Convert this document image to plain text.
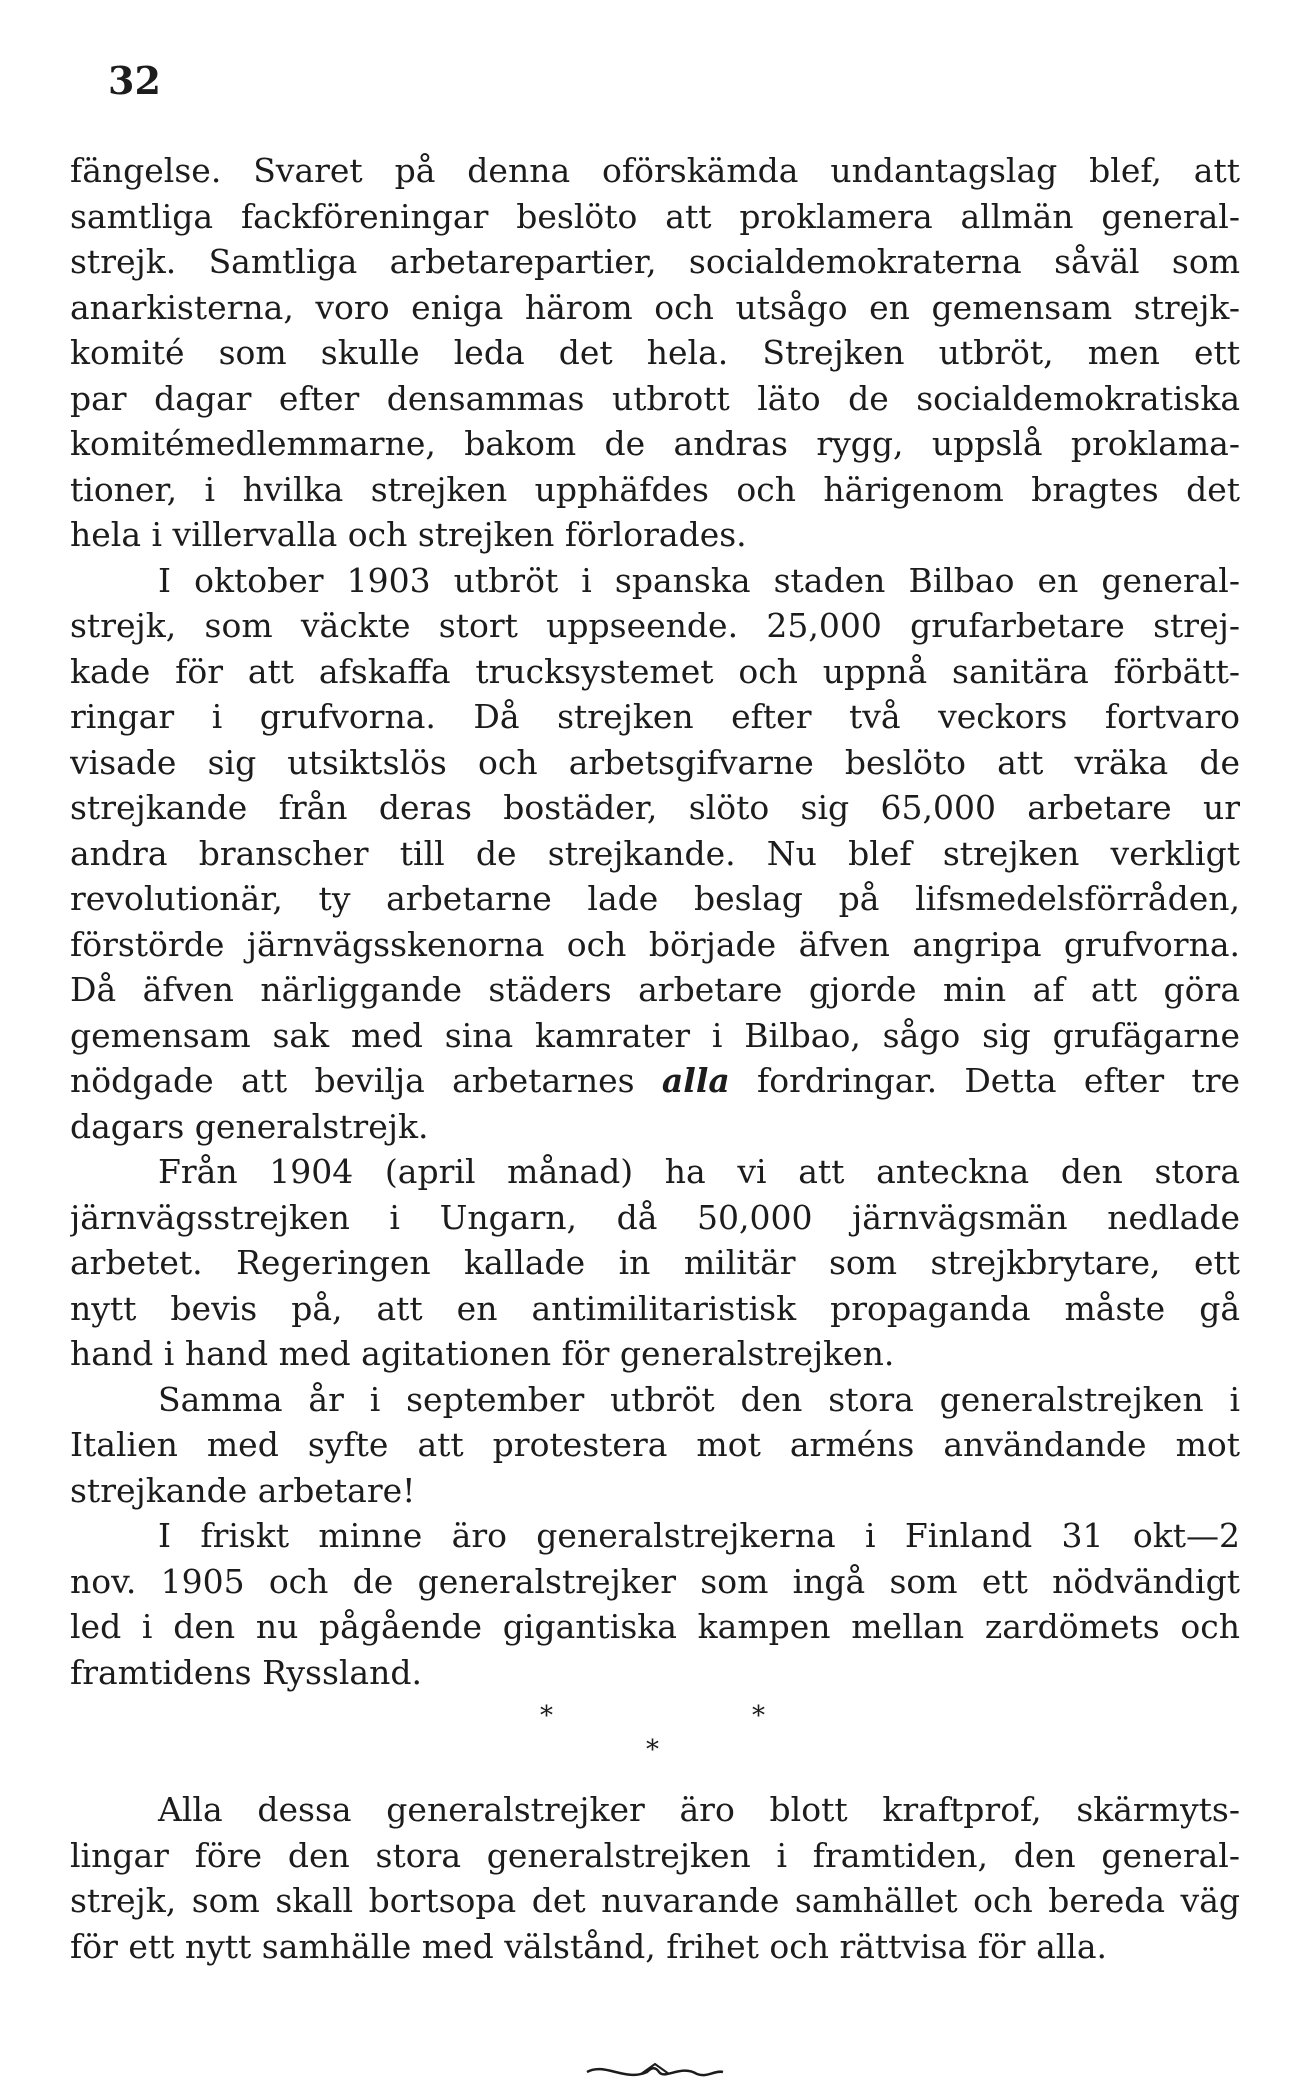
32
fängelse. Svaret på denna oförskämda undantagslag blef, att
samtliga fackföreningar beslöto att proklamera allmän general-
strejk. Samtliga arbetarepartier, socialdemokraterna såväl som
anarkisterna, voro eniga härom och utsågo en gemensam strejk-
komité som skulle leda det hela. Strejken utbröt, men ett
par dagar efter densammas utbrott läto de socialdemokratiska
komitémedlemmarne, bakom de andras rygg, uppslå proklama-
tioner, i hvilka strejken upphäfdes och härigenom bragtes det
hela i villervalla och strejken förlorades.
I oktober 1903 utbröt i spanska staden Bilbao en general-
strejk, som väckte stort uppseende. 25,000 grufarbetare strej-
kade för att afskaffa trucksystemet och uppnå sanitära förbätt-
ringar i grufvorna. Då strejken efter två veckors fortvaro
visade sig utsiktslös och arbetsgifvarne beslöto att vräka de
strejkande från deras bostäder, slöto sig 65,000 arbetare ur
andra branscher till de strejkande. Nu blef strejken verkligt
revolutionär, ty arbetarne lade beslag på lifsmedelsförråden,
förstörde järnvägsskenorna och började äfven angripa grufvorna.
Då äfven närliggande städers arbetare gjorde min af att göra
gemensam sak med sina kamrater i Bilbao, sågo sig grufägarne
nödgade att bevilja arbetarnes alla fordringar. Detta efter tre
dagars generalstrejk.
Från 1904 (april månad) ha vi att anteckna den stora
järnvägsstrejken i Ungarn, då 50,000 järnvägsmän nedlade
arbetet. Regeringen kallade in militär som strejkbrytare, ett
nytt bevis på, att en antimilitaristisk propaganda måste gå
hand i hand med agitationen för generalstrejken.
Samma år i september utbröt den stora generalstrejken i
Italien med syfte att protestera mot arméns användande mot
strejkande arbetare!
I friskt minne äro generalstrejkerna i Finland 31 okt—2
nov. 1905 och de generalstrejker som ingå som ett nödvändigt
led i den nu pågående gigantiska kampen mellan zardömets och
framtidens Ryssland.
*	*
*
Alla dessa generalstrejker äro blott kraftprof, skärmyts-
lingar före den stora generalstrejken i framtiden, den general-
strejk, som skall bortsopa det nuvarande samhället och bereda väg
för ett nytt samhälle med välstånd, frihet och rättvisa för alla.
